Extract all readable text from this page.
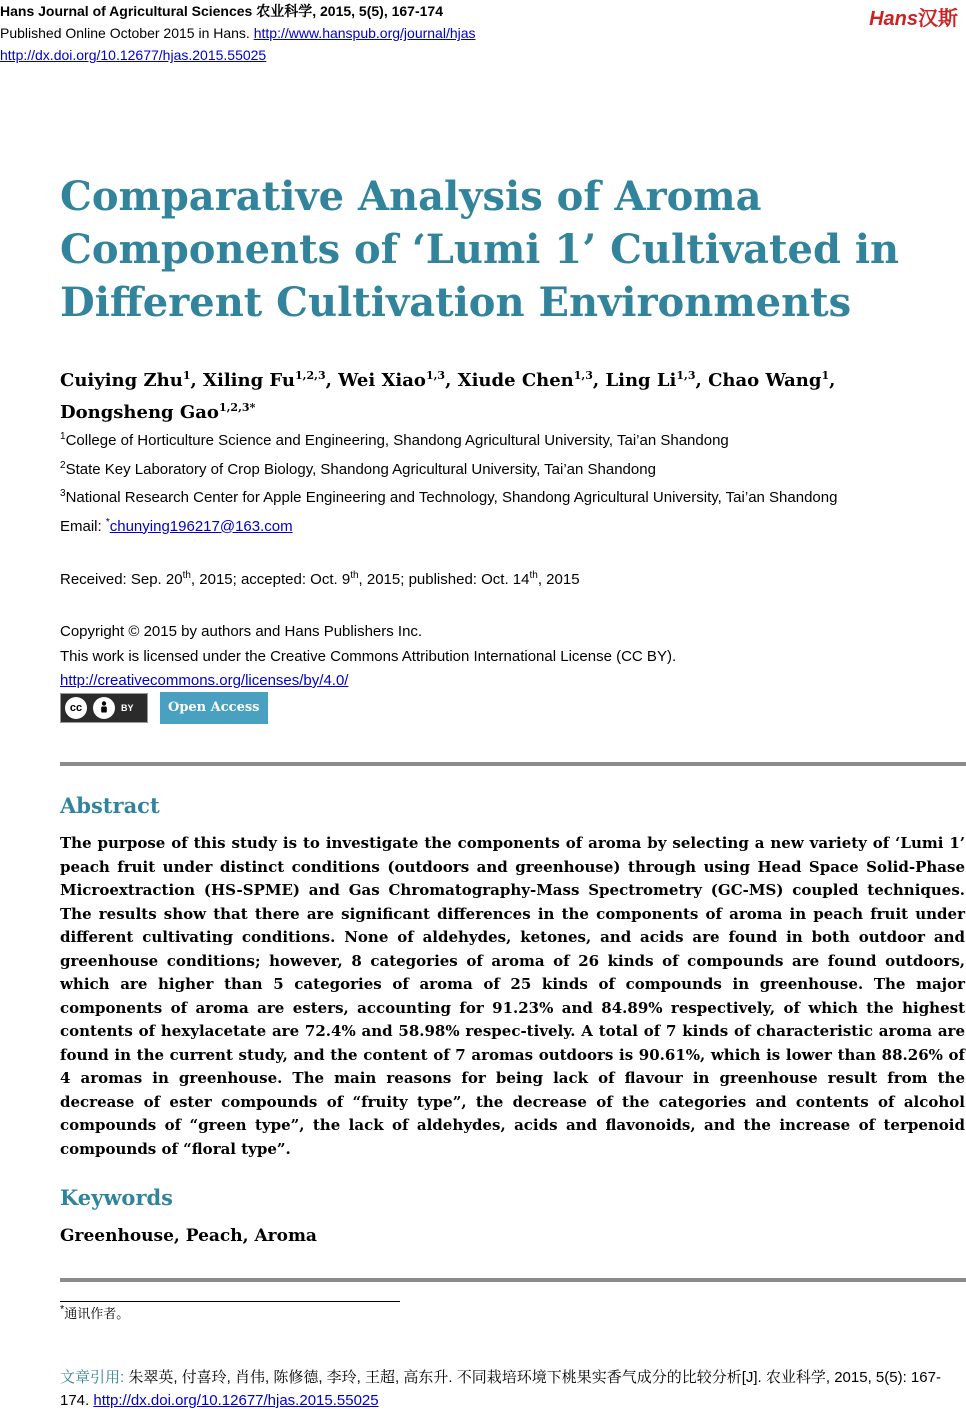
Hans Journal of Agricultural Sciences 农业科学, 2015, 5(5), 167-174
Published Online October 2015 in Hans. http://www.hanspub.org/journal/hjas
http://dx.doi.org/10.12677/hjas.2015.55025
Hans汉斯
Comparative Analysis of Aroma Components of ‘Lumi 1’ Cultivated in Different Cultivation Environments
Cuiying Zhu$^1$, Xiling Fu$^{1,2,3}$, Wei Xiao$^{1,3}$, Xiude Chen$^{1,3}$, Ling Li$^{1,3}$, Chao Wang$^1$,
Dongsheng Gao$^{1,2,3*}$
$^1$College of Horticulture Science and Engineering, Shandong Agricultural University, Tai’an Shandong
$^2$State Key Laboratory of Crop Biology, Shandong Agricultural University, Tai’an Shandong
$^3$National Research Center for Apple Engineering and Technology, Shandong Agricultural University, Tai’an Shandong
Email: *chunying196217@163.com
Received: Sep. 20th, 2015; accepted: Oct. 9th, 2015; published: Oct. 14th, 2015
Copyright © 2015 by authors and Hans Publishers Inc.
This work is licensed under the Creative Commons Attribution International License (CC BY).
http://creativecommons.org/licenses/by/4.0/
cc	BY	Open Access
Abstract

The purpose of this study is to investigate the components of aroma by selecting a new variety of ‘Lumi 1’ peach fruit under distinct conditions (outdoors and greenhouse) through using Head Space Solid-Phase Microextraction (HS-SPME) and Gas Chromatography-Mass Spectrometry (GC-MS) coupled techniques. The results show that there are significant differences in the components of aroma in peach fruit under different cultivating conditions. None of aldehydes, ketones, and acids are found in both outdoor and greenhouse conditions; however, 8 categories of aroma of 26 kinds of compounds are found outdoors, which are higher than 5 categories of aroma of 25 kinds of compounds in greenhouse. The major components of aroma are esters, accounting for 91.23% and 84.89% respectively, of which the highest contents of hexylacetate are 72.4% and 58.98% respec-tively. A total of 7 kinds of characteristic aroma are found in the current study, and the content of 7 aromas outdoors is 90.61%, which is lower than 88.26% of 4 aromas in greenhouse. The main reasons for being lack of flavour in greenhouse result from the decrease of ester compounds of “fruity type”, the decrease of the categories and contents of alcohol compounds of “green type”, the lack of aldehydes, acids and flavonoids, and the increase of terpenoid compounds of “floral type”.

Keywords
Greenhouse, Peach, Aroma
*通讯作者。
文章引用: 朱翠英, 付喜玲, 肖伟, 陈修德, 李玲, 王超, 高东升. 不同栽培环境下桃果实香气成分的比较分析[J]. 农业科学, 2015, 5(5): 167-174. http://dx.doi.org/10.12677/hjas.2015.55025
